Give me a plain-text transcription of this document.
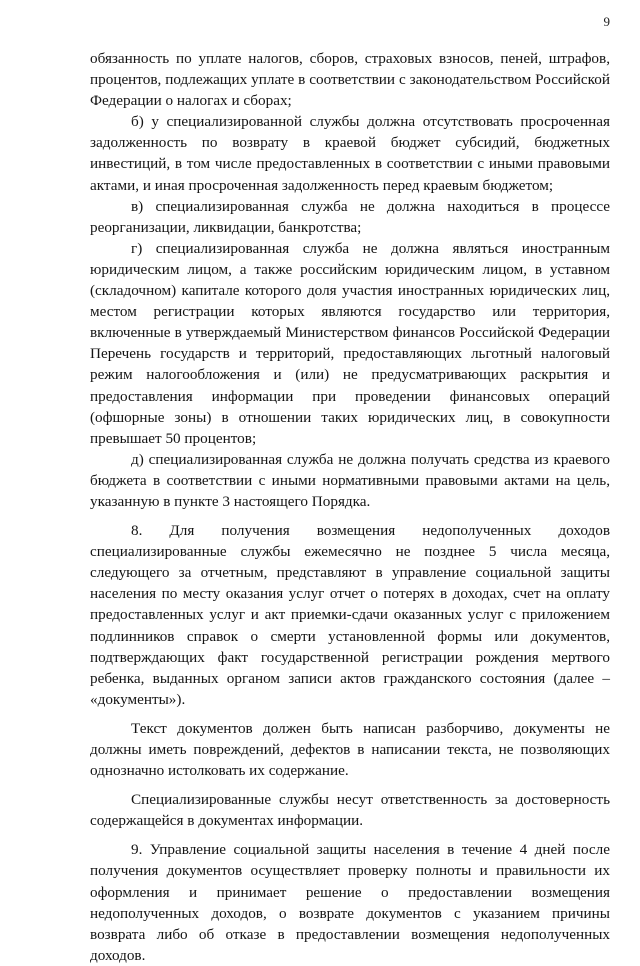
9

обязанность по уплате налогов, сборов, страховых взносов, пеней, штрафов, процентов, подлежащих уплате в соответствии с законодательством Российской Федерации о налогах и сборах;

б) у специализированной службы должна отсутствовать просроченная задолженность по возврату в краевой бюджет субсидий, бюджетных инвестиций, в том числе предоставленных в соответствии с иными правовыми актами, и иная просроченная задолженность перед краевым бюджетом;

в) специализированная служба не должна находиться в процессе реорганизации, ликвидации, банкротства;

г) специализированная служба не должна являться иностранным юридическим лицом, а также российским юридическим лицом, в уставном (складочном) капитале которого доля участия иностранных юридических лиц, местом регистрации которых являются государство или территория, включенные в утверждаемый Министерством финансов Российской Федерации Перечень государств и территорий, предоставляющих льготный налоговый режим налогообложения и (или) не предусматривающих раскрытия и предоставления информации при проведении финансовых операций (офшорные зоны) в отношении таких юридических лиц, в совокупности превышает 50 процентов;

д) специализированная служба не должна получать средства из краевого бюджета в соответствии с иными нормативными правовыми актами на цель, указанную в пункте 3 настоящего Порядка.

8. Для получения возмещения недополученных доходов специализированные службы ежемесячно не позднее 5 числа месяца, следующего за отчетным, представляют в управление социальной защиты населения по месту оказания услуг отчет о потерях в доходах, счет на оплату предоставленных услуг и акт приемки-сдачи оказанных услуг с приложением подлинников справок о смерти установленной формы или документов, подтверждающих факт государственной регистрации рождения мертвого ребенка, выданных органом записи актов гражданского состояния (далее – «документы»).

Текст документов должен быть написан разборчиво, документы не должны иметь повреждений, дефектов в написании текста, не позволяющих однозначно истолковать их содержание.

Специализированные службы несут ответственность за достоверность содержащейся в документах информации.

9. Управление социальной защиты населения в течение 4 дней после получения документов осуществляет проверку полноты и правильности их оформления и принимает решение о предоставлении возмещения недополученных доходов, о возврате документов с указанием причины возврата либо об отказе в предоставлении возмещения недополученных доходов.
